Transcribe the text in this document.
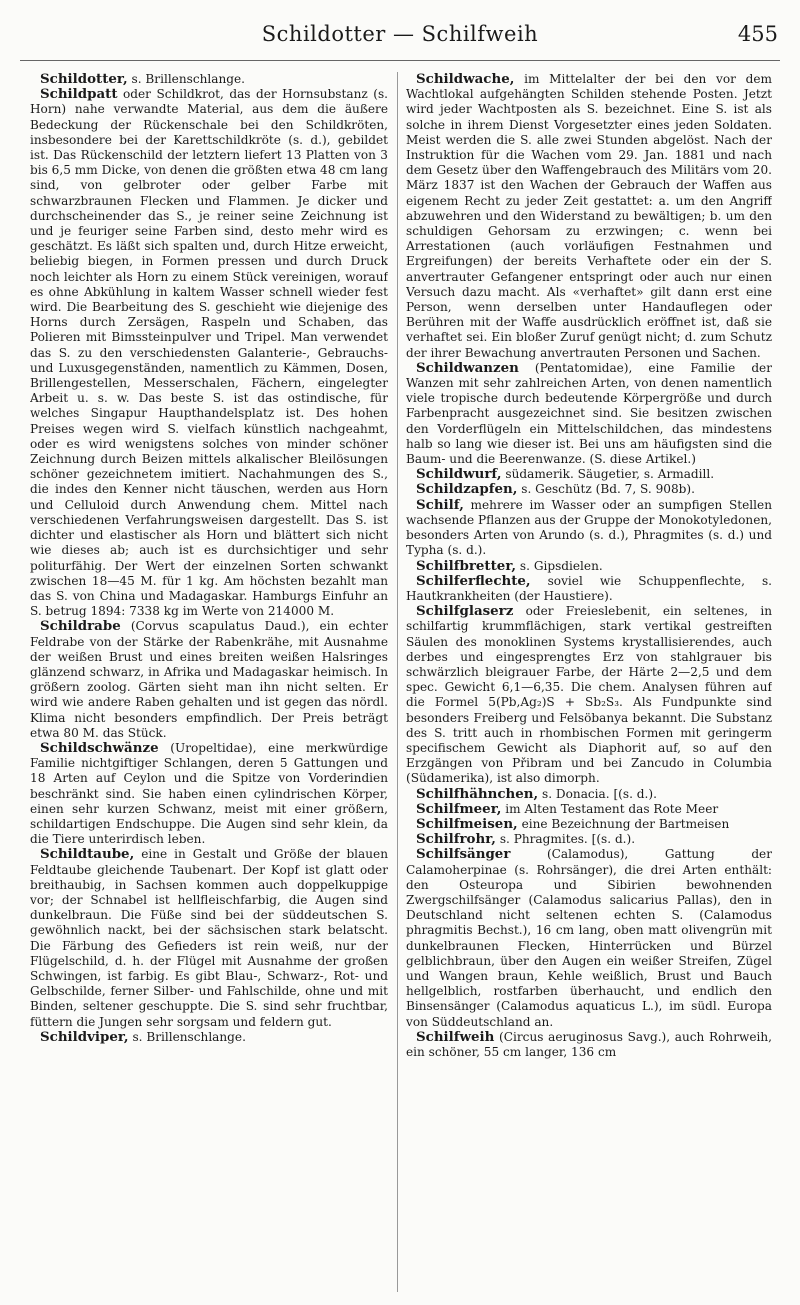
Schildotter — Schilfweih	455

Schildotter, s. Brillenschlange.

Schildpatt oder Schildkrot, das der Hornsubstanz (s. Horn) nahe verwandte Material, aus dem die äußere Bedeckung der Rückenschale bei den Schildkröten, insbesondere bei der Karettschildkröte (s. d.), gebildet ist. Das Rückenschild der letztern liefert 13 Platten von 3 bis 6,5 mm Dicke, von denen die größten etwa 48 cm lang sind, von gelbroter oder gelber Farbe mit schwarzbraunen Flecken und Flammen. Je dicker und durchscheinender das S., je reiner seine Zeichnung ist und je feuriger seine Farben sind, desto mehr wird es geschätzt. Es läßt sich spalten und, durch Hitze erweicht, beliebig biegen, in Formen pressen und durch Druck noch leichter als Horn zu einem Stück vereinigen, worauf es ohne Abkühlung in kaltem Wasser schnell wieder fest wird. Die Bearbeitung des S. geschieht wie diejenige des Horns durch Zersägen, Raspeln und Schaben, das Polieren mit Bimssteinpulver und Tripel. Man verwendet das S. zu den verschiedensten Galanterie-, Gebrauchs- und Luxusgegenständen, namentlich zu Kämmen, Dosen, Brillengestellen, Messerschalen, Fächern, eingelegter Arbeit u. s. w. Das beste S. ist das ostindische, für welches Singapur Haupthandelsplatz ist. Des hohen Preises wegen wird S. vielfach künstlich nachgeahmt, oder es wird wenigstens solches von minder schöner Zeichnung durch Beizen mittels alkalischer Bleilösungen schöner gezeichnetem imitiert. Nachahmungen des S., die indes den Kenner nicht täuschen, werden aus Horn und Celluloid durch Anwendung chem. Mittel nach verschiedenen Verfahrungsweisen dargestellt. Das S. ist dichter und elastischer als Horn und blättert sich nicht wie dieses ab; auch ist es durchsichtiger und sehr politurfähig. Der Wert der einzelnen Sorten schwankt zwischen 18—45 M. für 1 kg. Am höchsten bezahlt man das S. von China und Madagaskar. Hamburgs Einfuhr an S. betrug 1894: 7338 kg im Werte von 214000 M.

Schildrabe (Corvus scapulatus Daud.), ein echter Feldrabe von der Stärke der Rabenkrähe, mit Ausnahme der weißen Brust und eines breiten weißen Halsringes glänzend schwarz, in Afrika und Madagaskar heimisch. In größern zoolog. Gärten sieht man ihn nicht selten. Er wird wie andere Raben gehalten und ist gegen das nördl. Klima nicht besonders empfindlich. Der Preis beträgt etwa 80 M. das Stück.

Schildschwänze (Uropeltidae), eine merkwürdige Familie nichtgiftiger Schlangen, deren 5 Gattungen und 18 Arten auf Ceylon und die Spitze von Vorderindien beschränkt sind. Sie haben einen cylindrischen Körper, einen sehr kurzen Schwanz, meist mit einer größern, schildartigen Endschuppe. Die Augen sind sehr klein, da die Tiere unterirdisch leben.

Schildtaube, eine in Gestalt und Größe der blauen Feldtaube gleichende Taubenart. Der Kopf ist glatt oder breithaubig, in Sachsen kommen auch doppelkuppige vor; der Schnabel ist hellfleischfarbig, die Augen sind dunkelbraun. Die Füße sind bei der süddeutschen S. gewöhnlich nackt, bei der sächsischen stark belatscht. Die Färbung des Gefieders ist rein weiß, nur der Flügelschild, d. h. der Flügel mit Ausnahme der großen Schwingen, ist farbig. Es gibt Blau-, Schwarz-, Rot- und Gelbschilde, ferner Silber- und Fahlschilde, ohne und mit Binden, seltener geschuppte. Die S. sind sehr fruchtbar, füttern die Jungen sehr sorgsam und feldern gut.

Schildviper, s. Brillenschlange.

Schildwache, im Mittelalter der bei den vor dem Wachtlokal aufgehängten Schilden stehende Posten. Jetzt wird jeder Wachtposten als S. bezeichnet. Eine S. ist als solche in ihrem Dienst Vorgesetzter eines jeden Soldaten. Meist werden die S. alle zwei Stunden abgelöst. Nach der Instruktion für die Wachen vom 29. Jan. 1881 und nach dem Gesetz über den Waffengebrauch des Militärs vom 20. März 1837 ist den Wachen der Gebrauch der Waffen aus eigenem Recht zu jeder Zeit gestattet: a. um den Angriff abzuwehren und den Widerstand zu bewältigen; b. um den schuldigen Gehorsam zu erzwingen; c. wenn bei Arrestationen (auch vorläufigen Festnahmen und Ergreifungen) der bereits Verhaftete oder ein der S. anvertrauter Gefangener entspringt oder auch nur einen Versuch dazu macht. Als «verhaftet» gilt dann erst eine Person, wenn derselben unter Handauflegen oder Berühren mit der Waffe ausdrücklich eröffnet ist, daß sie verhaftet sei. Ein bloßer Zuruf genügt nicht; d. zum Schutz der ihrer Bewachung anvertrauten Personen und Sachen.

Schildwanzen (Pentatomidae), eine Familie der Wanzen mit sehr zahlreichen Arten, von denen namentlich viele tropische durch bedeutende Körpergröße und durch Farbenpracht ausgezeichnet sind. Sie besitzen zwischen den Vorderflügeln ein Mittelschildchen, das mindestens halb so lang wie dieser ist. Bei uns am häufigsten sind die Baum- und die Beerenwanze. (S. diese Artikel.)

Schildwurf, südamerik. Säugetier, s. Armadill.

Schildzapfen, s. Geschütz (Bd. 7, S. 908b).

Schilf, mehrere im Wasser oder an sumpfigen Stellen wachsende Pflanzen aus der Gruppe der Monokotyledonen, besonders Arten von Arundo (s. d.), Phragmites (s. d.) und Typha (s. d.).

Schilfbretter, s. Gipsdielen.

Schilferflechte, soviel wie Schuppenflechte, s. Hautkrankheiten (der Haustiere).

Schilfglaserz oder Freieslebenit, ein seltenes, in schilfartig krummflächigen, stark vertikal gestreiften Säulen des monoklinen Systems krystallisierendes, auch derbes und eingesprengtes Erz von stahlgrauer bis schwärzlich bleigrauer Farbe, der Härte 2—2,5 und dem spec. Gewicht 6,1—6,35. Die chem. Analysen führen auf die Formel 5(Pb,Ag₂)S + Sb₂S₃. Als Fundpunkte sind besonders Freiberg und Felsöbanya bekannt. Die Substanz des S. tritt auch in rhombischen Formen mit geringerm specifischem Gewicht als Diaphorit auf, so auf den Erzgängen von Přibram und bei Zancudo in Columbia (Südamerika), ist also dimorph.

Schilfhähnchen, s. Donacia. [(s. d.).

Schilfmeer, im Alten Testament das Rote Meer

Schilfmeisen, eine Bezeichnung der Bartmeisen

Schilfrohr, s. Phragmites. [(s. d.).

Schilfsänger (Calamodus), Gattung der Calamoherpinae (s. Rohrsänger), die drei Arten enthält: den Osteuropa und Sibirien bewohnenden Zwergschilfsänger (Calamodus salicarius Pallas), den in Deutschland nicht seltenen echten S. (Calamodus phragmitis Bechst.), 16 cm lang, oben matt olivengrün mit dunkelbraunen Flecken, Hinterrücken und Bürzel gelblichbraun, über den Augen ein weißer Streifen, Zügel und Wangen braun, Kehle weißlich, Brust und Bauch hellgelblich, rostfarben überhaucht, und endlich den Binsensänger (Calamodus aquaticus L.), im südl. Europa von Süddeutschland an.

Schilfweih (Circus aeruginosus Savg.), auch Rohrweih, ein schöner, 55 cm langer, 136 cm
